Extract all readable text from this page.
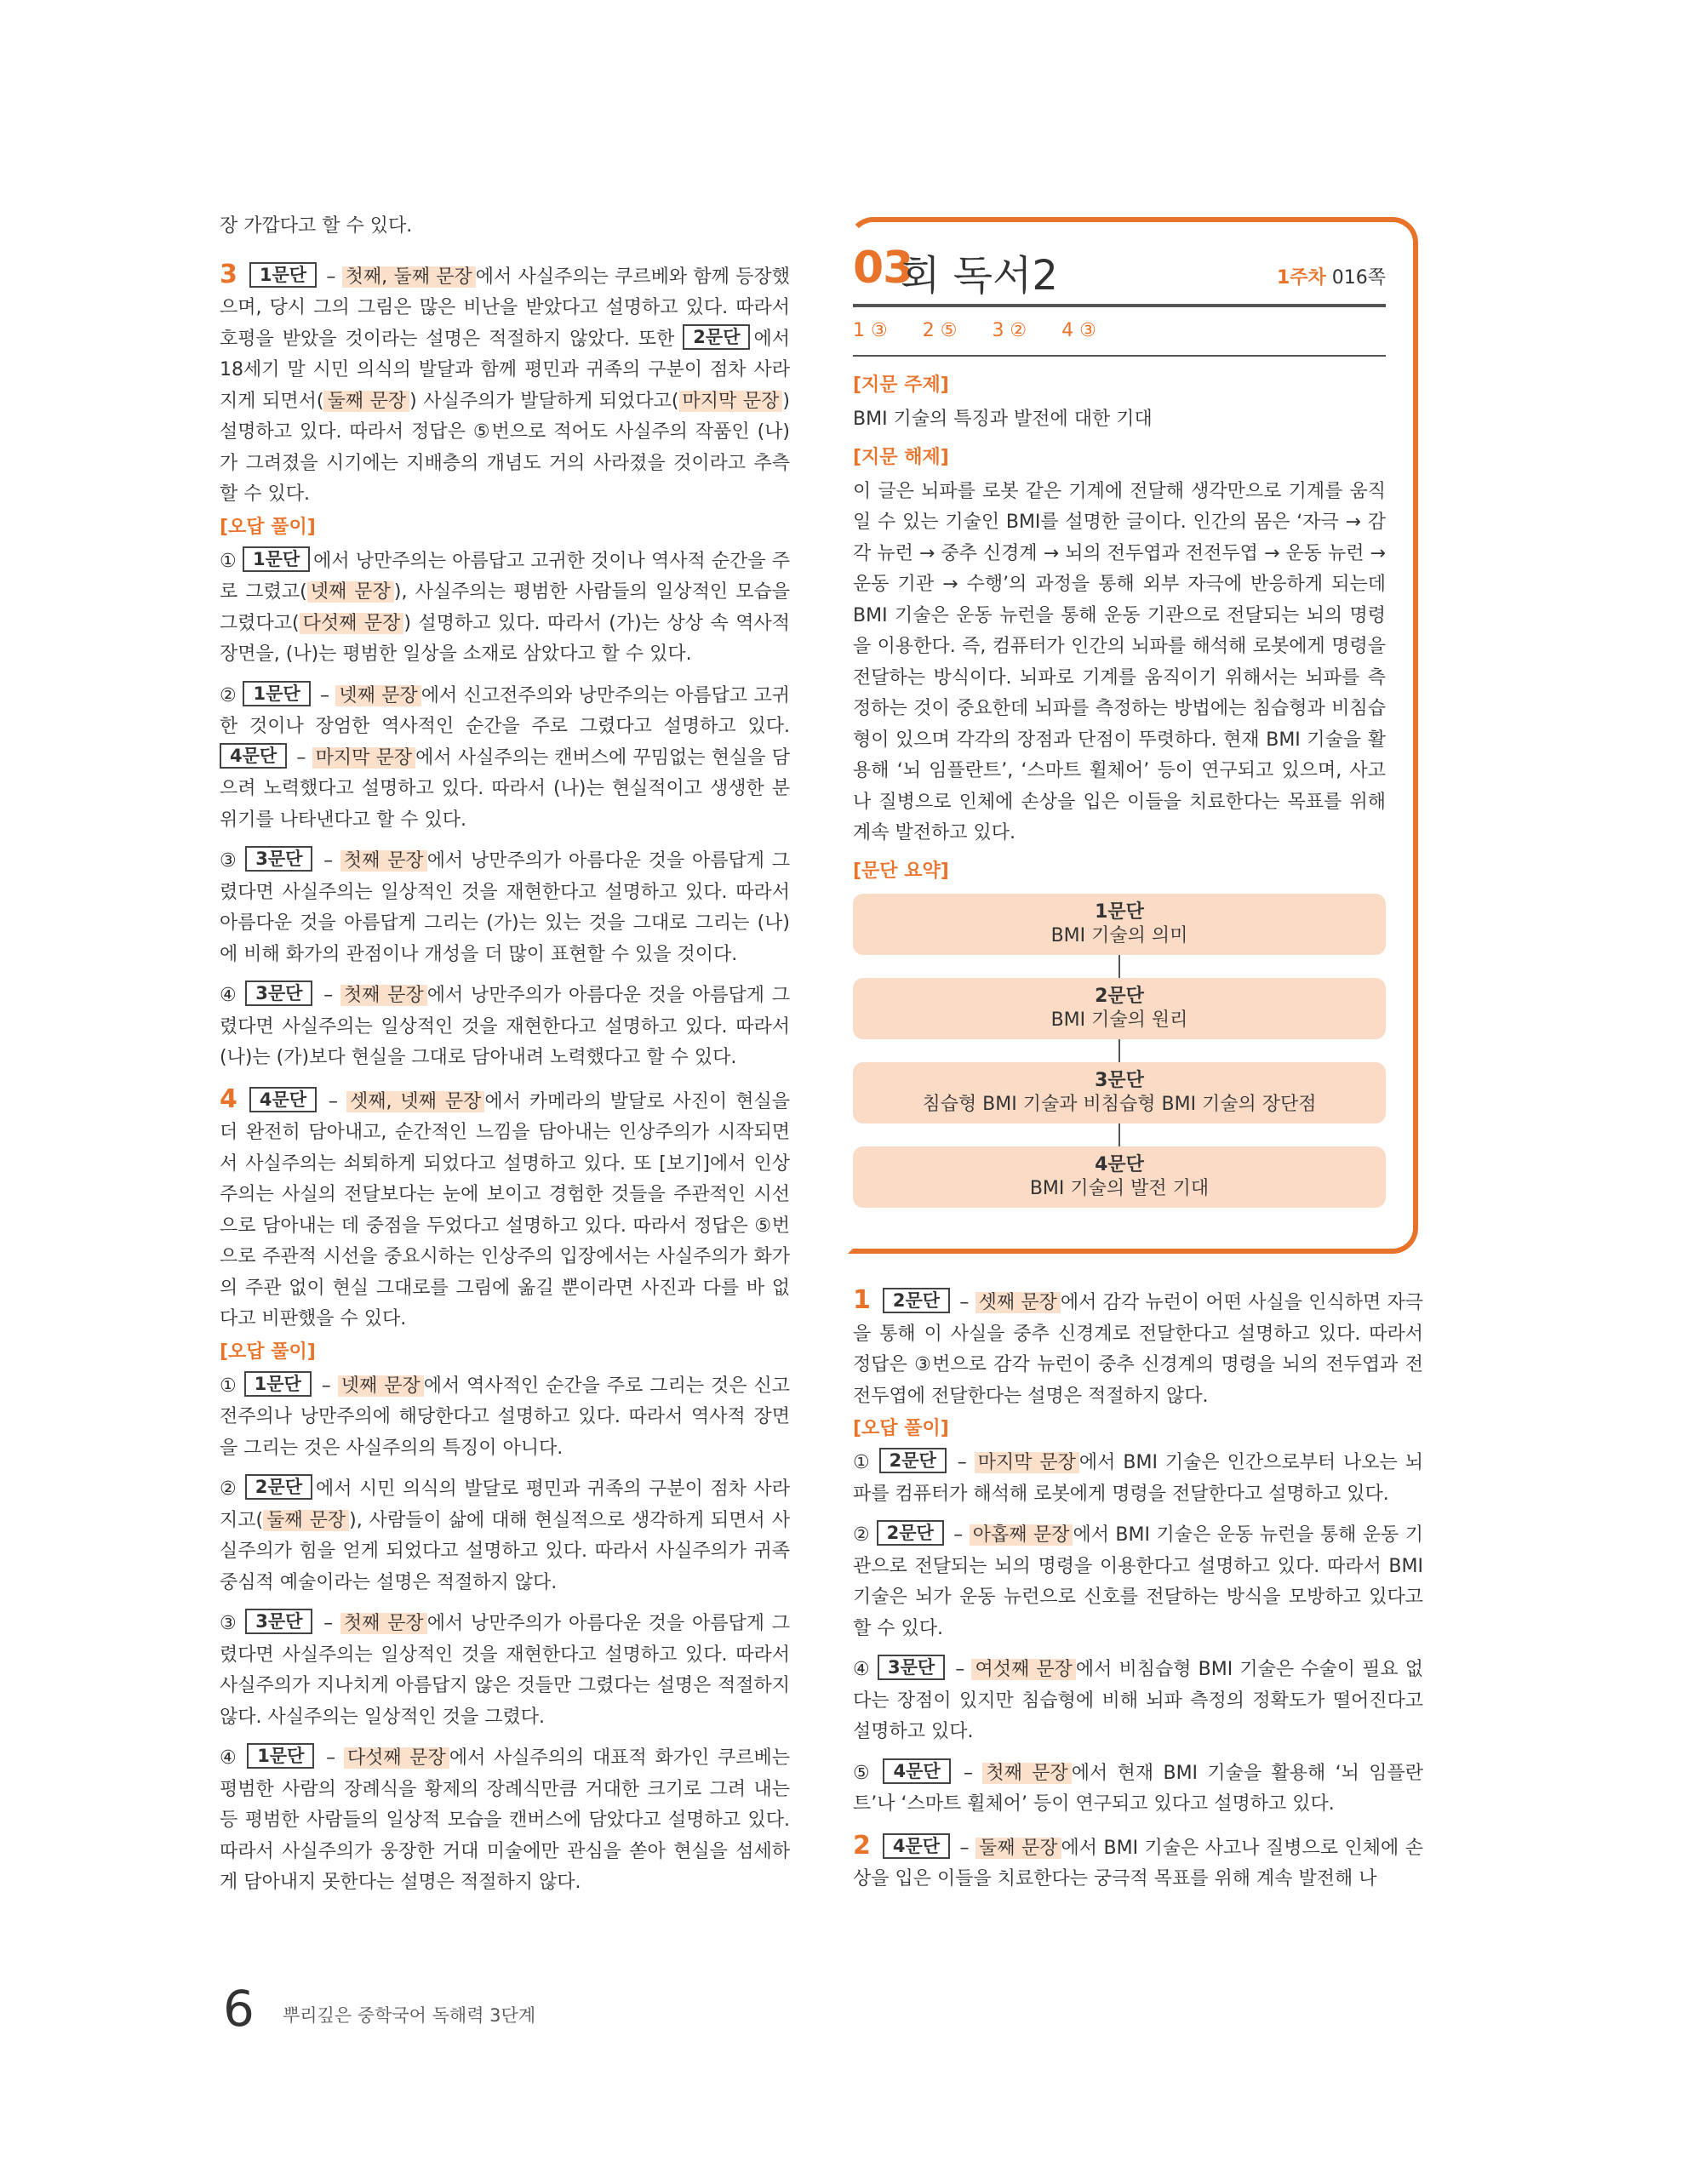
장 가깝다고 할 수 있다.

3 1문단 – 첫째, 둘째 문장 에서 사실주의는 쿠르베와 함께 등장했으며, 당시 그의 그림은 많은 비난을 받았다고 설명하고 있다. 따라서 호평을 받았을 것이라는 설명은 적절하지 않았다. 또한 2문단 에서 18세기 말 시민 의식의 발달과 함께 평민과 귀족의 구분이 점차 사라지게 되면서( 둘째 문장 ) 사실주의가 발달하게 되었다고( 마지막 문장 ) 설명하고 있다. 따라서 정답은 ⑤번으로 적어도 사실주의 작품인 (나)가 그려졌을 시기에는 지배층의 개념도 거의 사라졌을 것이라고 추측할 수 있다.

[오답 풀이]

① 1문단 에서 낭만주의는 아름답고 고귀한 것이나 역사적 순간을 주로 그렸고( 넷째 문장 ), 사실주의는 평범한 사람들의 일상적인 모습을 그렸다고( 다섯째 문장 ) 설명하고 있다. 따라서 (가)는 상상 속 역사적 장면을, (나)는 평범한 일상을 소재로 삼았다고 할 수 있다.

② 1문단 – 넷째 문장 에서 신고전주의와 낭만주의는 아름답고 고귀한 것이나 장엄한 역사적인 순간을 주로 그렸다고 설명하고 있다. 4문단 – 마지막 문장 에서 사실주의는 캔버스에 꾸밈없는 현실을 담으려 노력했다고 설명하고 있다. 따라서 (나)는 현실적이고 생생한 분위기를 나타낸다고 할 수 있다.

③ 3문단 – 첫째 문장 에서 낭만주의가 아름다운 것을 아름답게 그렸다면 사실주의는 일상적인 것을 재현한다고 설명하고 있다. 따라서 아름다운 것을 아름답게 그리는 (가)는 있는 것을 그대로 그리는 (나)에 비해 화가의 관점이나 개성을 더 많이 표현할 수 있을 것이다.

④ 3문단 – 첫째 문장 에서 낭만주의가 아름다운 것을 아름답게 그렸다면 사실주의는 일상적인 것을 재현한다고 설명하고 있다. 따라서 (나)는 (가)보다 현실을 그대로 담아내려 노력했다고 할 수 있다.

4 4문단 – 셋째, 넷째 문장 에서 카메라의 발달로 사진이 현실을 더 완전히 담아내고, 순간적인 느낌을 담아내는 인상주의가 시작되면서 사실주의는 쇠퇴하게 되었다고 설명하고 있다. 또 [보기]에서 인상주의는 사실의 전달보다는 눈에 보이고 경험한 것들을 주관적인 시선으로 담아내는 데 중점을 두었다고 설명하고 있다. 따라서 정답은 ⑤번으로 주관적 시선을 중요시하는 인상주의 입장에서는 사실주의가 화가의 주관 없이 현실 그대로를 그림에 옮길 뿐이라면 사진과 다를 바 없다고 비판했을 수 있다.

[오답 풀이]

① 1문단 – 넷째 문장 에서 역사적인 순간을 주로 그리는 것은 신고전주의나 낭만주의에 해당한다고 설명하고 있다. 따라서 역사적 장면을 그리는 것은 사실주의의 특징이 아니다.

② 2문단 에서 시민 의식의 발달로 평민과 귀족의 구분이 점차 사라지고( 둘째 문장 ), 사람들이 삶에 대해 현실적으로 생각하게 되면서 사실주의가 힘을 얻게 되었다고 설명하고 있다. 따라서 사실주의가 귀족 중심적 예술이라는 설명은 적절하지 않다.

③ 3문단 – 첫째 문장 에서 낭만주의가 아름다운 것을 아름답게 그렸다면 사실주의는 일상적인 것을 재현한다고 설명하고 있다. 따라서 사실주의가 지나치게 아름답지 않은 것들만 그렸다는 설명은 적절하지 않다. 사실주의는 일상적인 것을 그렸다.

④ 1문단 – 다섯째 문장 에서 사실주의의 대표적 화가인 쿠르베는 평범한 사람의 장례식을 황제의 장례식만큼 거대한 크기로 그려 내는 등 평범한 사람들의 일상적 모습을 캔버스에 담았다고 설명하고 있다. 따라서 사실주의가 웅장한 거대 미술에만 관심을 쏟아 현실을 섬세하게 담아내지 못한다는 설명은 적절하지 않다.

03
회 독서2	1주차 016쪽
1 ③ 2 ⑤ 3 ② 4 ③
[지문 주제]

BMI 기술의 특징과 발전에 대한 기대

[지문 해제]

이 글은 뇌파를 로봇 같은 기계에 전달해 생각만으로 기계를 움직일 수 있는 기술인 BMI를 설명한 글이다. 인간의 몸은 ‘자극 → 감각 뉴런 → 중추 신경계 → 뇌의 전두엽과 전전두엽 → 운동 뉴런 → 운동 기관 → 수행’의 과정을 통해 외부 자극에 반응하게 되는데 BMI 기술은 운동 뉴런을 통해 운동 기관으로 전달되는 뇌의 명령을 이용한다. 즉, 컴퓨터가 인간의 뇌파를 해석해 로봇에게 명령을 전달하는 방식이다. 뇌파로 기계를 움직이기 위해서는 뇌파를 측정하는 것이 중요한데 뇌파를 측정하는 방법에는 침습형과 비침습형이 있으며 각각의 장점과 단점이 뚜렷하다. 현재 BMI 기술을 활용해 ‘뇌 임플란트’, ‘스마트 휠체어’ 등이 연구되고 있으며, 사고나 질병으로 인체에 손상을 입은 이들을 치료한다는 목표를 위해 계속 발전하고 있다.

[문단 요약]
1문단
BMI 기술의 의미
2문단
BMI 기술의 원리
3문단
침습형 BMI 기술과 비침습형 BMI 기술의 장단점
4문단
BMI 기술의 발전 기대

1 2문단 – 셋째 문장 에서 감각 뉴런이 어떤 사실을 인식하면 자극을 통해 이 사실을 중추 신경계로 전달한다고 설명하고 있다. 따라서 정답은 ③번으로 감각 뉴런이 중추 신경계의 명령을 뇌의 전두엽과 전전두엽에 전달한다는 설명은 적절하지 않다.

[오답 풀이]

① 2문단 – 마지막 문장 에서 BMI 기술은 인간으로부터 나오는 뇌파를 컴퓨터가 해석해 로봇에게 명령을 전달한다고 설명하고 있다.

② 2문단 – 아홉째 문장 에서 BMI 기술은 운동 뉴런을 통해 운동 기관으로 전달되는 뇌의 명령을 이용한다고 설명하고 있다. 따라서 BMI 기술은 뇌가 운동 뉴런으로 신호를 전달하는 방식을 모방하고 있다고 할 수 있다.

④ 3문단 – 여섯째 문장 에서 비침습형 BMI 기술은 수술이 필요 없다는 장점이 있지만 침습형에 비해 뇌파 측정의 정확도가 떨어진다고 설명하고 있다.

⑤ 4문단 – 첫째 문장 에서 현재 BMI 기술을 활용해 ‘뇌 임플란트’나 ‘스마트 휠체어’ 등이 연구되고 있다고 설명하고 있다.

2 4문단 – 둘째 문장 에서 BMI 기술은 사고나 질병으로 인체에 손상을 입은 이들을 치료한다는 궁극적 목표를 위해 계속 발전해 나

6 뿌리깊은 중학국어 독해력 3단계
